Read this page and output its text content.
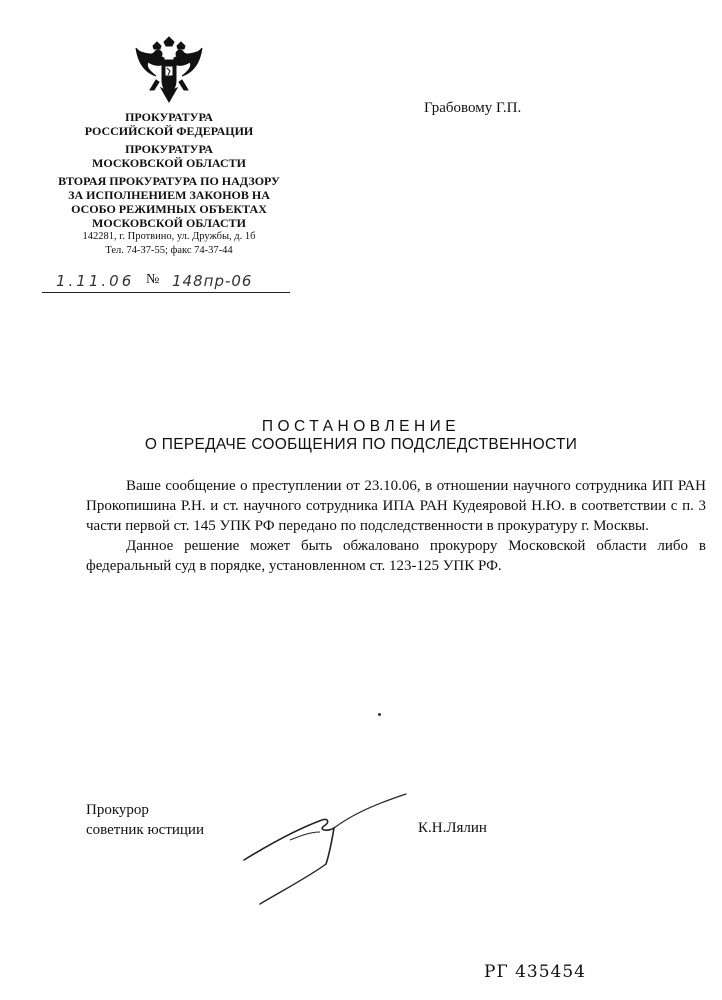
ПРОКУРАТУРА
РОССИЙСКОЙ ФЕДЕРАЦИИ
ПРОКУРАТУРА
МОСКОВСКОЙ ОБЛАСТИ
ВТОРАЯ ПРОКУРАТУРА ПО НАДЗОРУ
ЗА ИСПОЛНЕНИЕМ ЗАКОНОВ НА
ОСОБО РЕЖИМНЫХ ОБЪЕКТАХ
МОСКОВСКОЙ ОБЛАСТИ
142281, г. Протвино, ул. Дружбы, д. 1б
Тел. 74-37-55; факс 74-37-44
1.11.06 № 148пр-06
Грабовому Г.П.
ПОСТАНОВЛЕНИЕ
О ПЕРЕДАЧЕ СООБЩЕНИЯ ПО ПОДСЛЕДСТВЕННОСТИ

Ваше сообщение о преступлении от 23.10.06, в отношении научного сотрудника ИП РАН Прокопишина Р.Н. и ст. научного сотрудника ИПА РАН Кудеяровой Н.Ю. в соответствии с п. 3 части первой ст. 145 УПК РФ передано по подследственности в прокуратуру г. Москвы.

Данное решение может быть обжаловано прокурору Московской области либо в федеральный суд в порядке, установленном ст. 123-125 УПК РФ.

Прокурор
советник юстиции	К.Н.Лялин
РГ 435454
